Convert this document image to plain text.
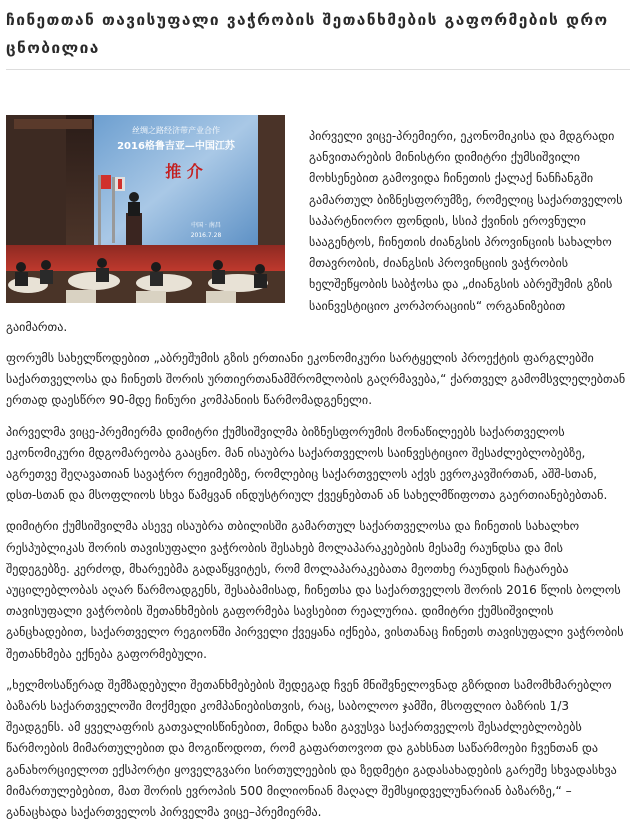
ჩინეთთან თავისუფალი ვაჭრობის შეთანხმების გაფორმების დრო ცნობილია
丝绸之路经济带产业合作
2016格鲁吉亚—中国江苏
推 介
中国 · 南昌
2016.7.28

პირველი ვიცე-პრემიერი, ეკონომიკისა და მდგრადი განვითარების მინისტრი დიმიტრი ქუმსიშვილი მოხსენებით გამოვიდა ჩინეთის ქალაქ ნანჩანგში გამართულ ბიზნესფორუმზე, რომელიც საქართველოს საპარტნიორო ფონდის, სსიპ ქვინის ეროვნული სააგენტოს, ჩინეთის ძიანგსის პროვინციის სახალხო მთავრობის, ძიანგსის პროვინციის ვაჭრობის ხელშეწყობის საბჭოსა და „ძიანგსის აბრეშუმის გზის საინვესტიციო კორპორაციის“ ორგანიზებით გაიმართა.

ფორუმს სახელწოდებით „აბრეშუმის გზის ერთიანი ეკონომიკური სარტყელის პროექტის ფარგლებში საქართველოსა და ჩინეთს შორის ურთიერთანამშრომლობის გაღრმავება,“ ქართველ გამომსვლელებთან ერთად დაესწრო 90-მდე ჩინური კომპანიის წარმომადგენელი.

პირველმა ვიცე-პრემიერმა დიმიტრი ქუმსიშვილმა ბიზნესფორუმის მონაწილეებს საქართველოს ეკონომიკური მდგომარეობა გააცნო. მან ისაუბრა საქართველოს საინვესტიციო შესაძლებლობებზე, აგრეთვე შეღავათიან სავაჭრო რეჟიმებზე, რომლებიც საქართველოს აქვს ევროკავშირთან, აშშ-სთან, დსთ-სთან და მსოფლიოს სხვა წამყვან ინდუსტრიულ ქვეყნებთან ან სახელმწიფოთა გაერთიანებებთან.

დიმიტრი ქუმსიშვილმა ასევე ისაუბრა თბილისში გამართულ საქართველოსა და ჩინეთის სახალხო რესპუბლიკას შორის თავისუფალი ვაჭრობის შესახებ მოლაპარაკებების მესამე რაუნდსა და მის შედეგებზე. კერძოდ, მხარეებმა გადაწყვიტეს, რომ მოლაპარაკებათა მეოთხე რაუნდის ჩატარება აუცილებლობას აღარ წარმოადგენს, შესაბამისად, ჩინეთსა და საქართველოს შორის 2016 წლის ბოლოს თავისუფალი ვაჭრობის შეთანხმების გაფორმება სავსებით რეალურია. დიმიტრი ქუმსიშვილის განცხადებით, საქართველო რეგიონში პირველი ქვეყანა იქნება, ვისთანაც ჩინეთს თავისუფალი ვაჭრობის შეთანხმება ექნება გაფორმებული.

„ხელმოსაწერად შემზადებული შეთანხმებების შედეგად ჩვენ მნიშვნელოვნად გზრდით სამომხმარებლო ბაზარს საქართველოში მოქმედი კომპანიებისთვის, რაც, საბოლოო ჯამში, მსოფლიო ბაზრის 1/3 შეადგენს. ამ ყველაფრის გათვალისწინებით, მინდა ხაზი გავუსვა საქართველოს შესაძლებლობებს წარმოების მიმართულებით და მოგიწოდოთ, რომ გაფართოვოთ და გახსნათ საწარმოები ჩვენთან და განახორციელოთ ექსპორტი ყოველგვარი სირთულეების და ზედმეტი გადასახადების გარეშე სხვადასხვა მიმართულებებით, მათ შორის ევროპის 500 მილიონიან მაღალ შემსყიდველუნარიან ბაზარზე,“ – განაცხადა საქართველოს პირველმა ვიცე–პრემიერმა.
